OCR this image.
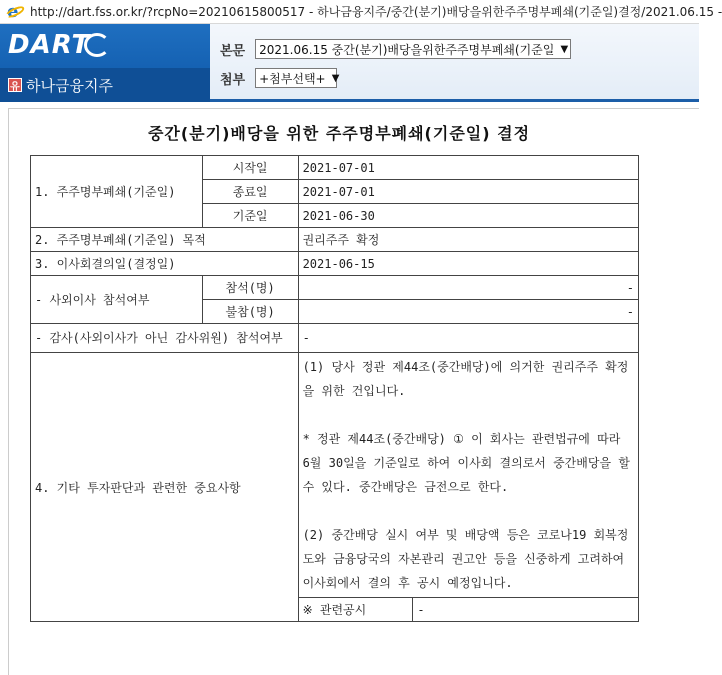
e http://dart.fss.or.kr/?rcpNo=20210615800517 - 하나금융지주/중간(분기)배당을위한주주명부폐쇄(기준일)결정/2021.06.15 -
DART
유 하나금융지주
본문 2021.06.15 중간(분기)배당을위한주주명부폐쇄(기준일 ▼
첨부 +첨부선택+ ▼
중간(분기)배당을 위한 주주명부폐쇄(기준일) 결정
1. 주주명부폐쇄(기준일)	시작일	2021-07-01	
	종료일	2021-07-01	
	기준일	2021-06-30	
2. 주주명부폐쇄(기준일) 목적		권리주주 확정	
3. 이사회결의일(결정일)		2021-06-15	
- 사외이사 참석여부	참석(명)	-	
	불참(명)	-	
- 감사(사외이사가 아닌 감사위원) 참석여부		-	
4. 기타 투자판단과 관련한 중요사항		(1) 당사 정관 제44조(중간배당)에 의거한 권리주주 확정을 위한 건입니다.
* 정관 제44조(중간배당) ① 이 회사는 관련법규에 따라 6월 30일을 기준일로 하여 이사회 결의로서 중간배당을 할 수 있다. 중간배당은 금전으로 한다.
(2) 중간배당 실시 여부 및 배당액 등은 코로나19 회복정도와 금융당국의 자본관리 권고안 등을 신중하게 고려하여 이사회에서 결의 후 공시 예정입니다.	

		※ 관련공시	-
